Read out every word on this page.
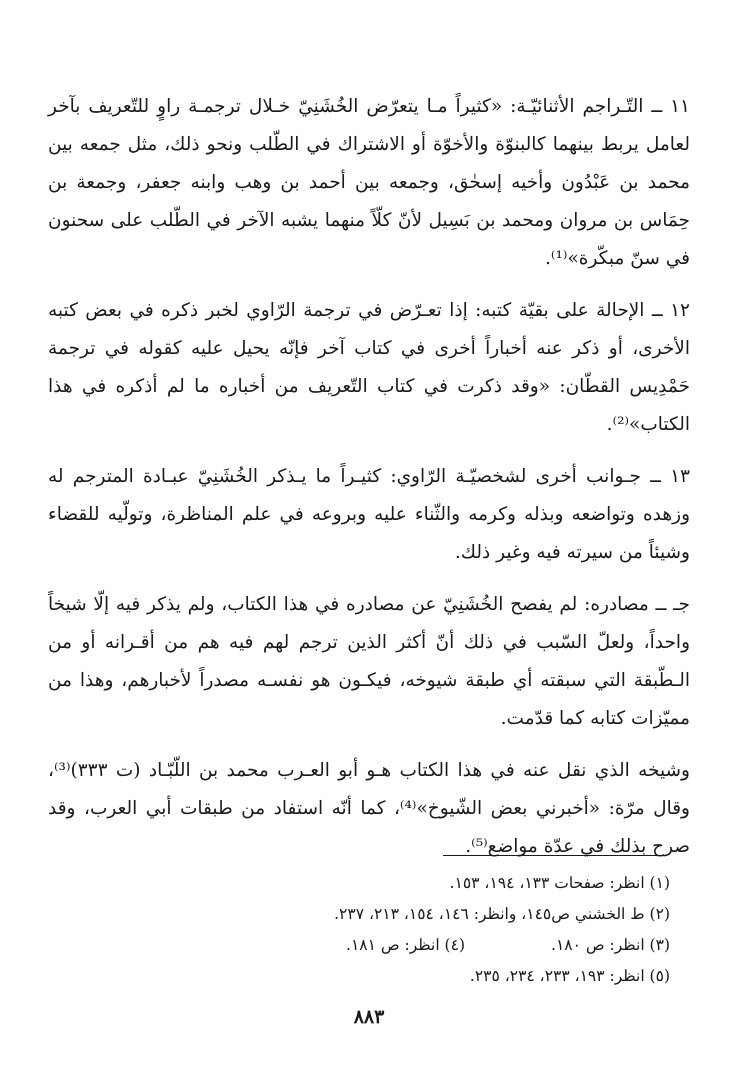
١١ ــ التّـراجم الأثنائيّـة: «كثيراً مـا يتعرّض الخُشَنِيّ خـلال ترجمـة راوٍ للتّعريف بآخر لعامل يربط بينهما كالبنوّة والأخوّة أو الاشتراك في الطّلب ونحو ذلك، مثل جمعه بين محمد بن عَبْدُون وأخيه إسحٰق، وجمعه بين أحمد بن وهب وابنه جعفر، وجمعة بن حِمَاس بن مروان ومحمد بن بَسِيل لأنّ كلّاً منهما يشبه الآخر في الطّلب على سحنون في سنّ مبكّرة»⁽¹⁾.

١٢ ــ الإحالة على بقيّة كتبه: إذا تعـرّض في ترجمة الرّاوي لخبر ذكره في بعض كتبه الأخرى، أو ذكر عنه أخباراً أخرى في كتاب آخر فإنّه يحيل عليه كقوله في ترجمة حَمْدِيس القطّان: «وقد ذكرت في كتاب التّعريف من أخباره ما لم أذكره في هذا الكتاب»⁽²⁾.

١٣ ــ جـوانب أخرى لشخصيّـة الرّاوي: كثيـراً ما يـذكر الخُشَنِيّ عبـادة المترجم له وزهده وتواضعه وبذله وكرمه والثّناء عليه وبروعه في علم المناظرة، وتولّيه للقضاء وشيئاً من سيرته فيه وغير ذلك.

جـ ــ مصادره: لم يفصح الخُشَنِيّ عن مصادره في هذا الكتاب، ولم يذكر فيه إلّا شيخاً واحداً، ولعلّ السّبب في ذلك أنّ أكثر الذين ترجم لهم فيه هم من أقـرانه أو من الـطّبقة التي سبقته أي طبقة شيوخه، فيكـون هو نفسـه مصدراً لأخبارهم، وهذا من مميّزات كتابه كما قدّمت.

وشيخه الذي نقل عنه في هذا الكتاب هـو أبو العـرب محمد بن اللّبّـاد (ت ٣٣٣)⁽³⁾، وقال مرّة: «أخبرني بعض الشّيوخ»⁽⁴⁾، كما أنّه استفاد من طبقات أبي العرب، وقد صرح بذلك في عدّة مواضع⁽⁵⁾.

(١) انظر: صفحات ١٣٣، ١٩٤، ١٥٣.

(٢) ط الخشني ص١٤٥، وانظر: ١٤٦، ١٥٤، ٢١٣، ٢٣٧.

(٣) انظر: ص ١٨٠.

(٤) انظر: ص ١٨١.

(٥) انظر: ١٩٣، ٢٣٣، ٢٣٤، ٢٣٥.

٨٨٣
